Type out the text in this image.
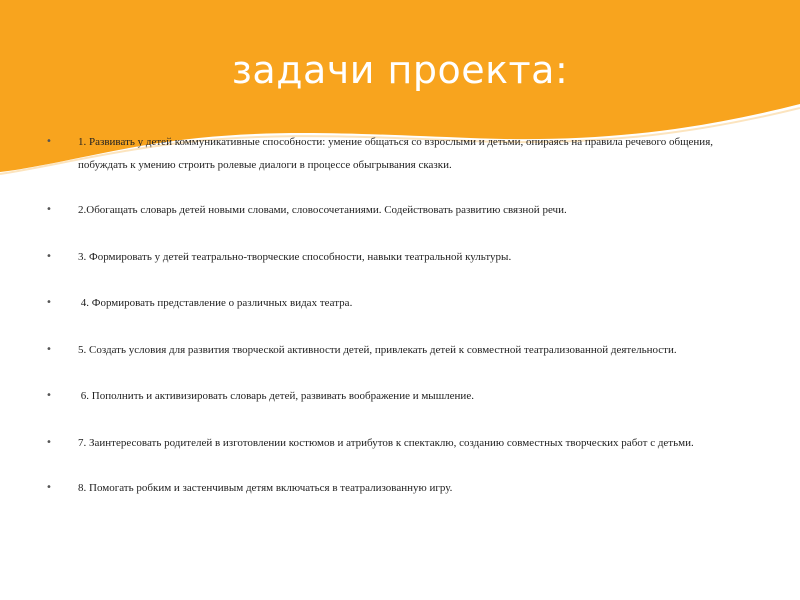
задачи проекта:
• 1. Развивать у детей коммуникативные способности: умение общаться со взрослыми и детьми, опираясь на правила речевого общения, побуждать к умению строить ролевые диалоги в процессе обыгрывания сказки.
• 2.Обогащать словарь детей новыми словами, словосочетаниями. Содействовать развитию связной речи.
• 3. Формировать у детей театрально-творческие способности, навыки театральной культуры.
• 4. Формировать представление о различных видах театра.
• 5. Создать условия для развития творческой активности детей, привлекать детей к совместной театрализованной деятельности.
• 6. Пополнить и активизировать словарь детей, развивать воображение и мышление.
• 7. Заинтересовать родителей в изготовлении костюмов и атрибутов к спектаклю, созданию совместных творческих работ с детьми.
• 8. Помогать робким и застенчивым детям включаться в театрализованную игру.
